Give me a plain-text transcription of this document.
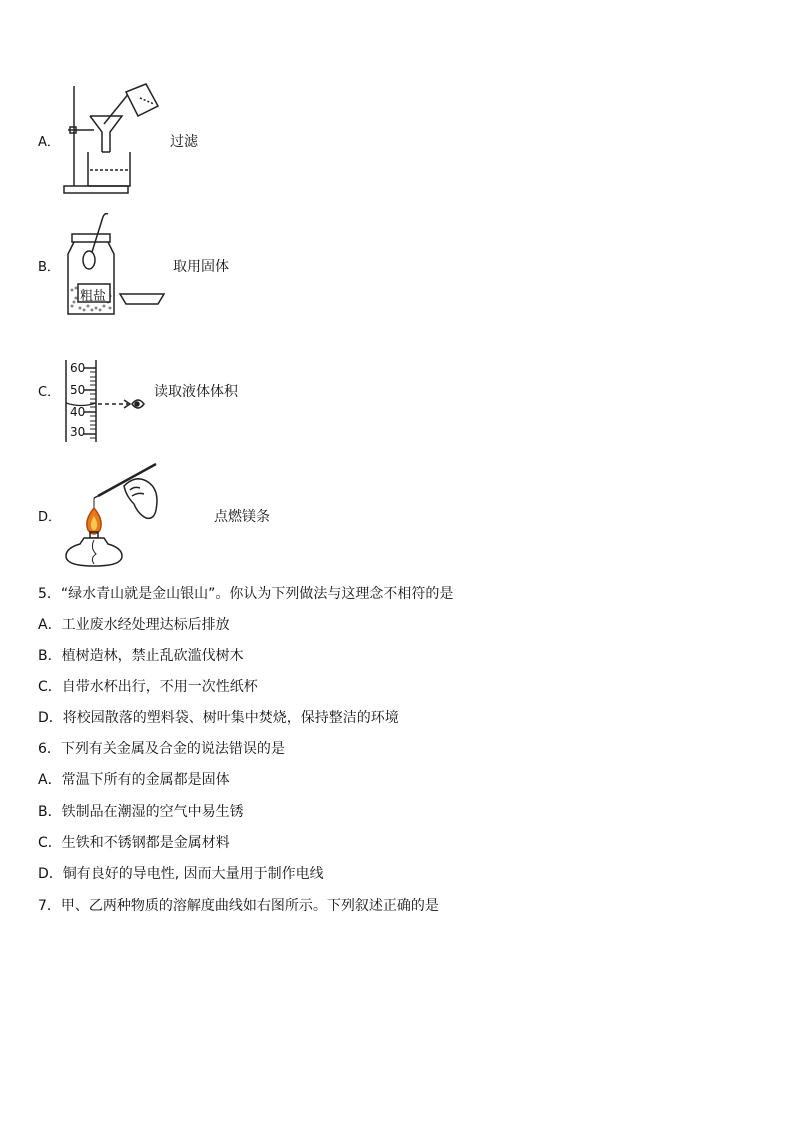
A．	过滤
B．
粗盐
取用固体
C．
60
50
40
30
读取液体体积
D．	点燃镁条
5．“绿水青山就是金山银山”。你认为下列做法与这理念不相符的是
A．工业废水经处理达标后排放
B．植树造林，禁止乱砍滥伐树木
C．自带水杯出行，不用一次性纸杯
D．将校园散落的塑料袋、树叶集中焚烧，保持整洁的环境
6．下列有关金属及合金的说法错误的是
A．常温下所有的金属都是固体
B．铁制品在潮湿的空气中易生锈
C．生铁和不锈钢都是金属材料
D．铜有良好的导电性, 因而大量用于制作电线
7．甲、乙两种物质的溶解度曲线如右图所示。下列叙述正确的是
